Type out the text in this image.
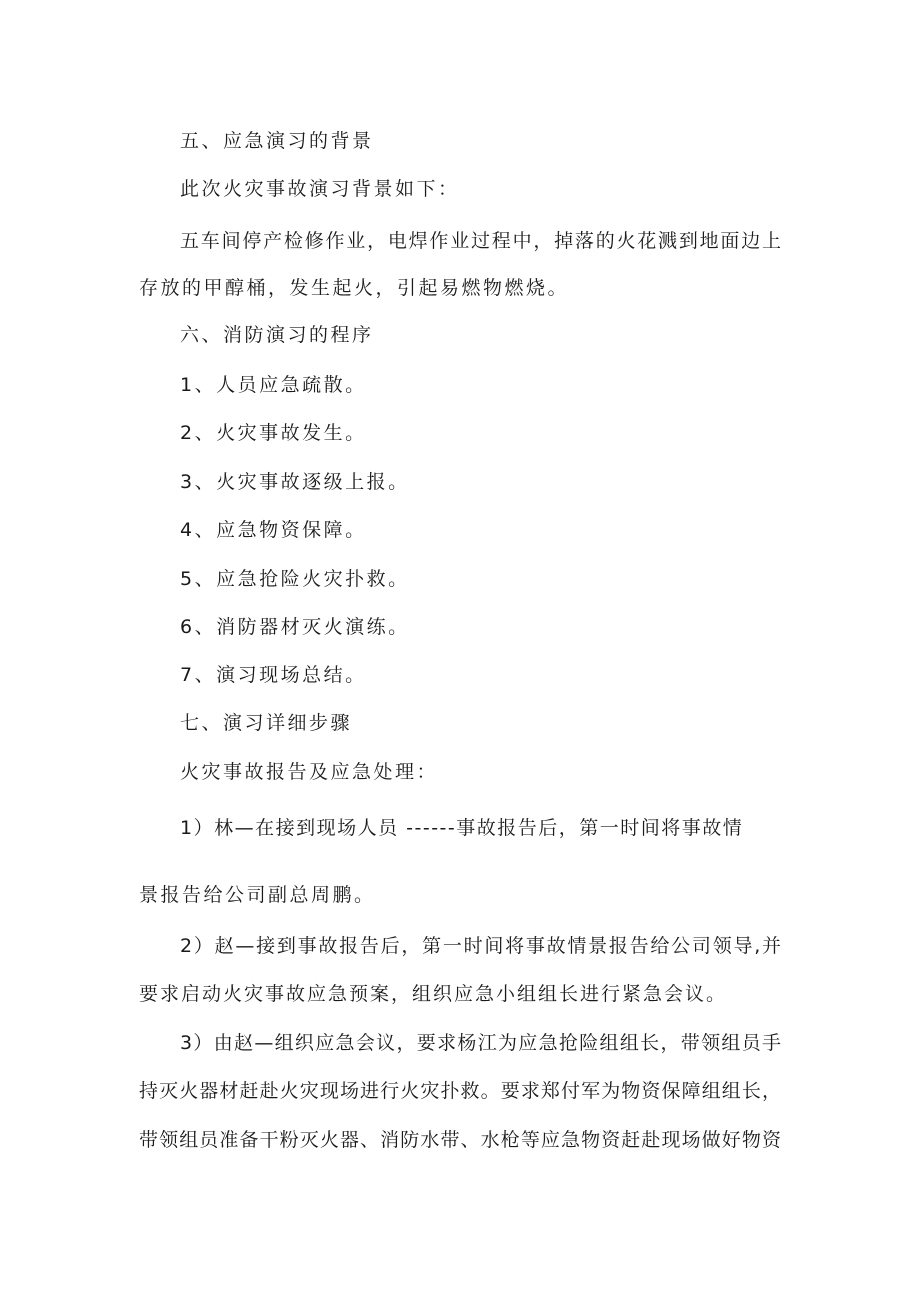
五、应急演习的背景
此次火灾事故演习背景如下：
五车间停产检修作业，电焊作业过程中，掉落的火花溅到地面边上
存放的甲醇桶，发生起火，引起易燃物燃烧。
六、消防演习的程序
1、人员应急疏散。
2、火灾事故发生。
3、火灾事故逐级上报。
4、应急物资保障。
5、应急抢险火灾扑救。
6、消防器材灭火演练。
7、演习现场总结。
七、演习详细步骤
火灾事故报告及应急处理：
1）林—在接到现场人员 ------事故报告后，第一时间将事故情
景报告给公司副总周鹏。
2）赵—接到事故报告后，第一时间将事故情景报告给公司领导,并
要求启动火灾事故应急预案，组织应急小组组长进行紧急会议。
3）由赵—组织应急会议，要求杨江为应急抢险组组长，带领组员手
持灭火器材赶赴火灾现场进行火灾扑救。要求郑付军为物资保障组组长，
带领组员准备干粉灭火器、消防水带、水枪等应急物资赶赴现场做好物资
